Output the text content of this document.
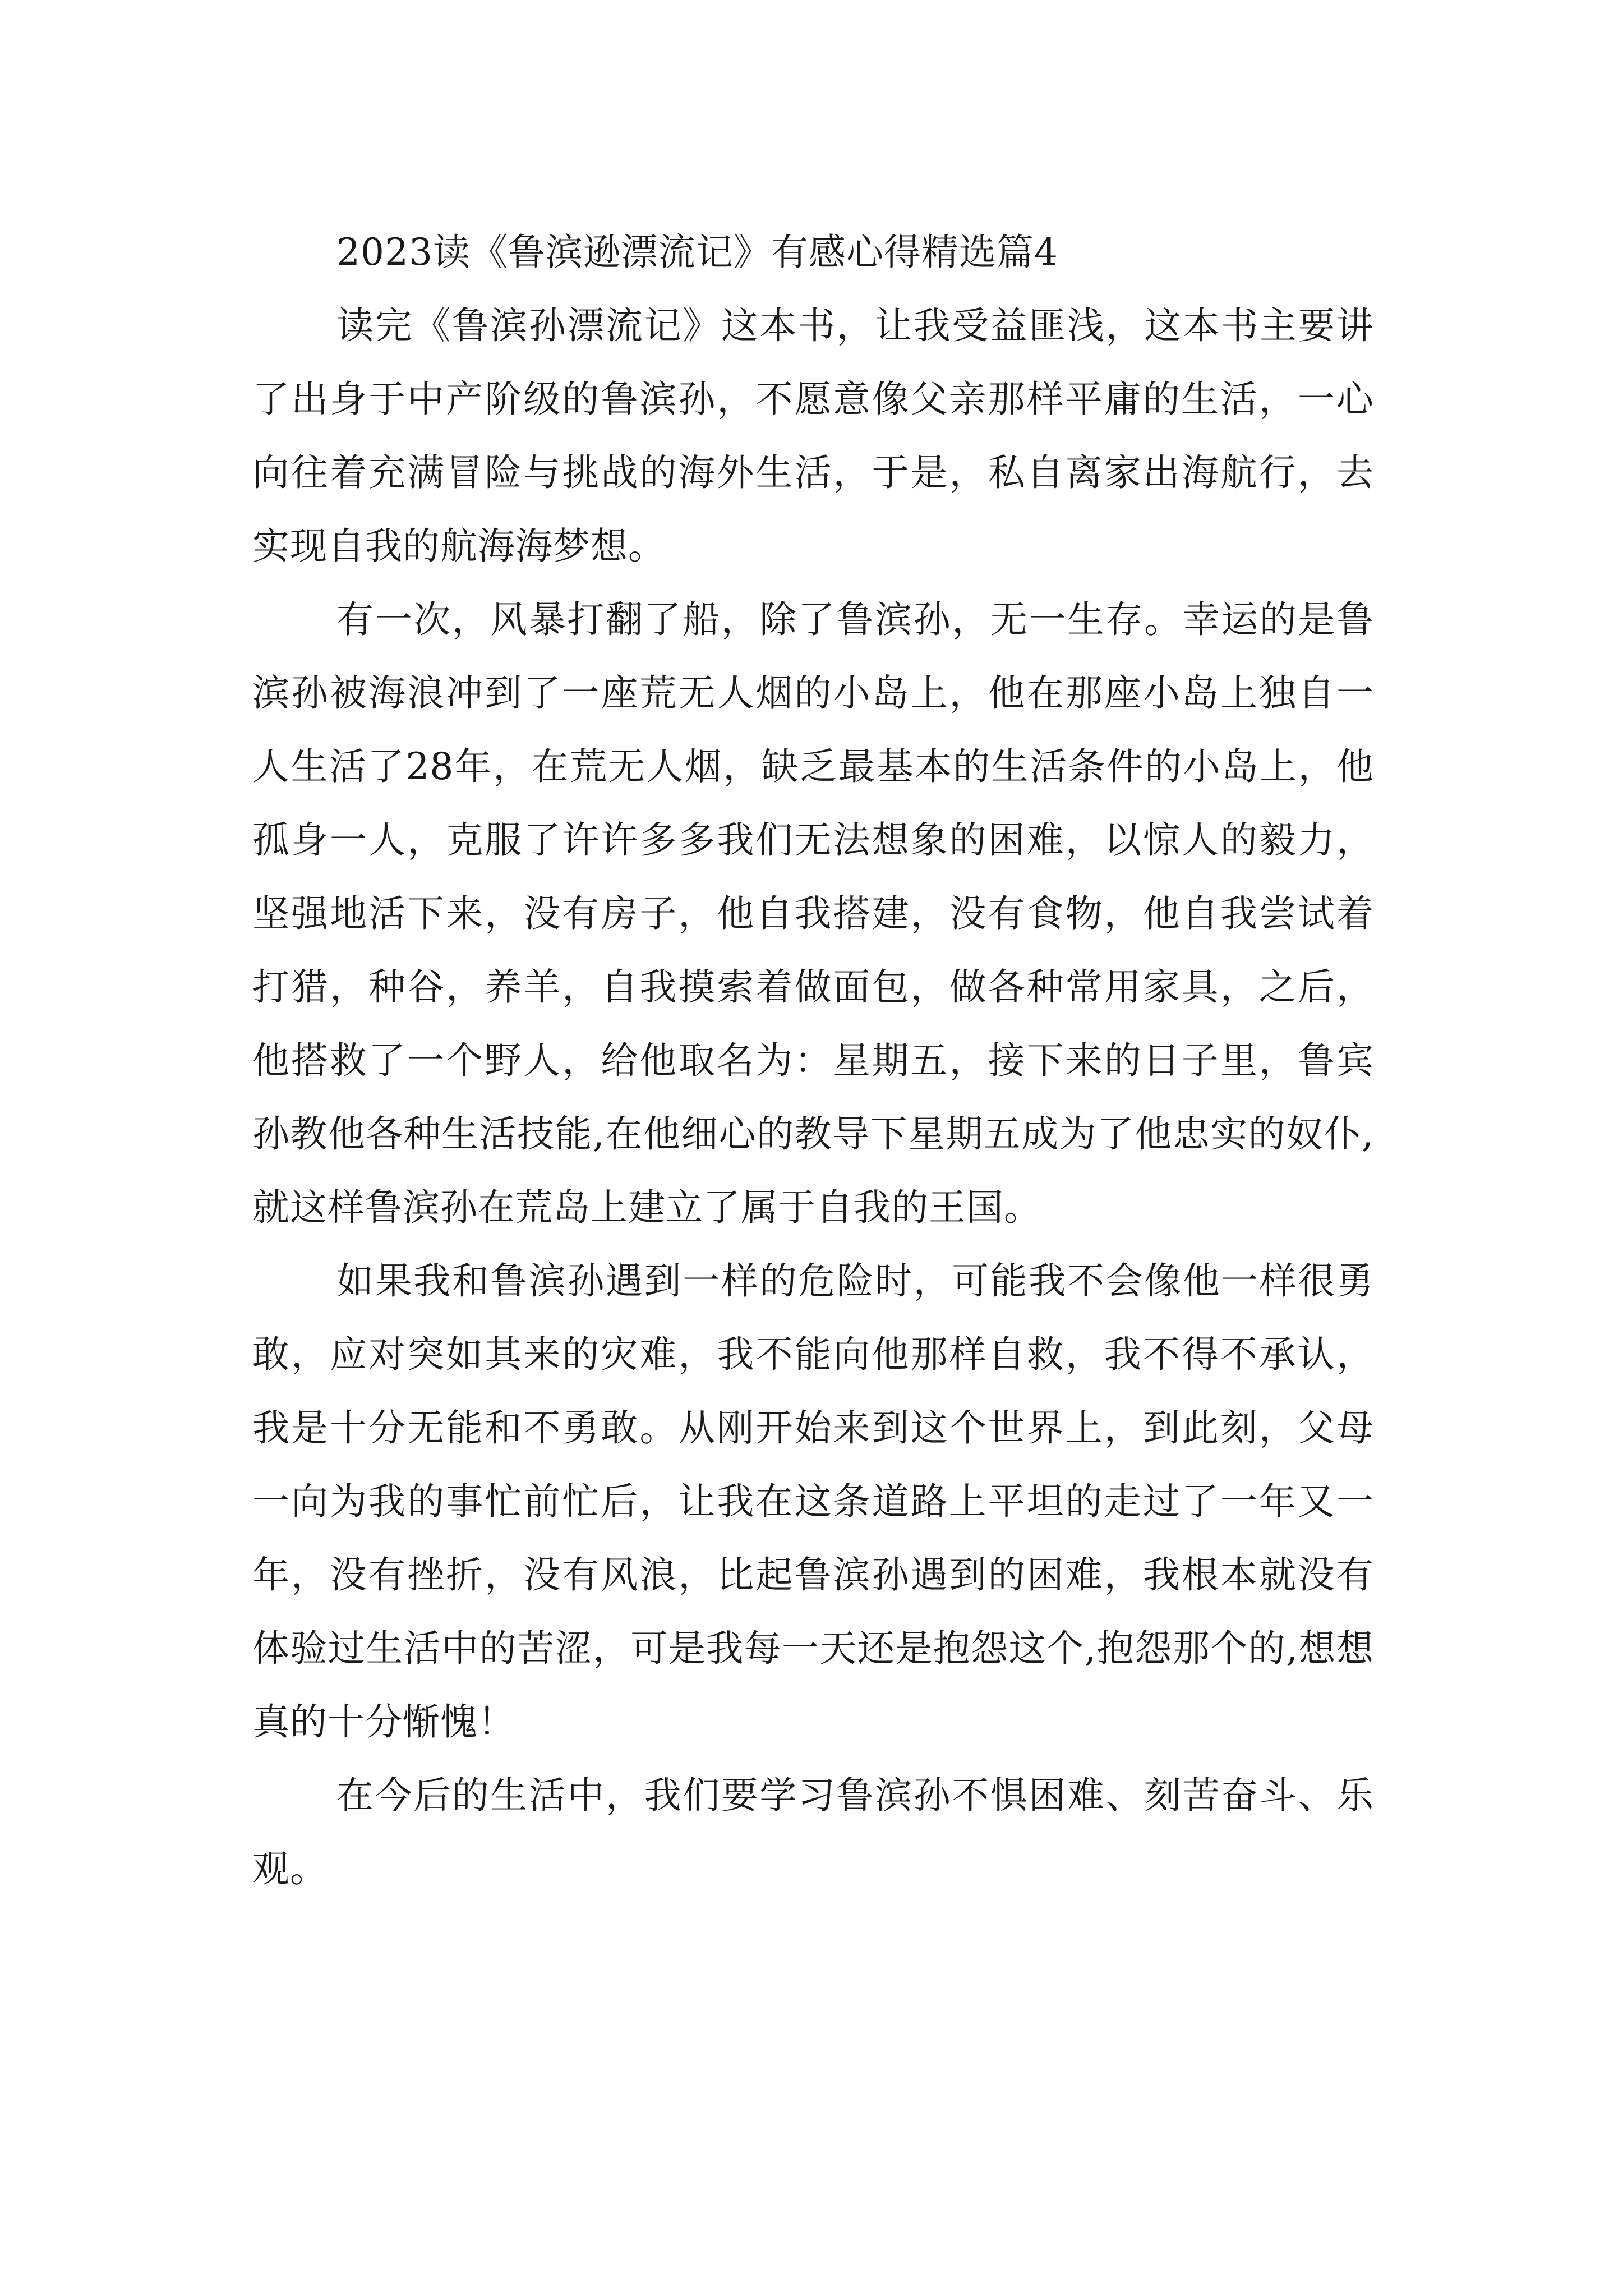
2023读《鲁滨逊漂流记》有感心得精选篇4

读完《鲁滨孙漂流记》这本书，让我受益匪浅，这本书主要讲了出身于中产阶级的鲁滨孙，不愿意像父亲那样平庸的生活，一心向往着充满冒险与挑战的海外生活，于是，私自离家出海航行，去实现自我的航海海梦想。

有一次，风暴打翻了船，除了鲁滨孙，无一生存。幸运的是鲁滨孙被海浪冲到了一座荒无人烟的小岛上，他在那座小岛上独自一人生活了28年，在荒无人烟，缺乏最基本的生活条件的小岛上，他孤身一人，克服了许许多多我们无法想象的困难，以惊人的毅力，坚强地活下来，没有房子，他自我搭建，没有食物，他自我尝试着打猎，种谷，养羊，自我摸索着做面包，做各种常用家具，之后，他搭救了一个野人，给他取名为：星期五，接下来的日子里，鲁宾孙教他各种生活技能,在他细心的教导下星期五成为了他忠实的奴仆,就这样鲁滨孙在荒岛上建立了属于自我的王国。

如果我和鲁滨孙遇到一样的危险时，可能我不会像他一样很勇敢，应对突如其来的灾难，我不能向他那样自救，我不得不承认，我是十分无能和不勇敢。从刚开始来到这个世界上，到此刻，父母一向为我的事忙前忙后，让我在这条道路上平坦的走过了一年又一年，没有挫折，没有风浪，比起鲁滨孙遇到的困难，我根本就没有体验过生活中的苦涩，可是我每一天还是抱怨这个,抱怨那个的,想想真的十分惭愧！

在今后的生活中，我们要学习鲁滨孙不惧困难、刻苦奋斗、乐观。
